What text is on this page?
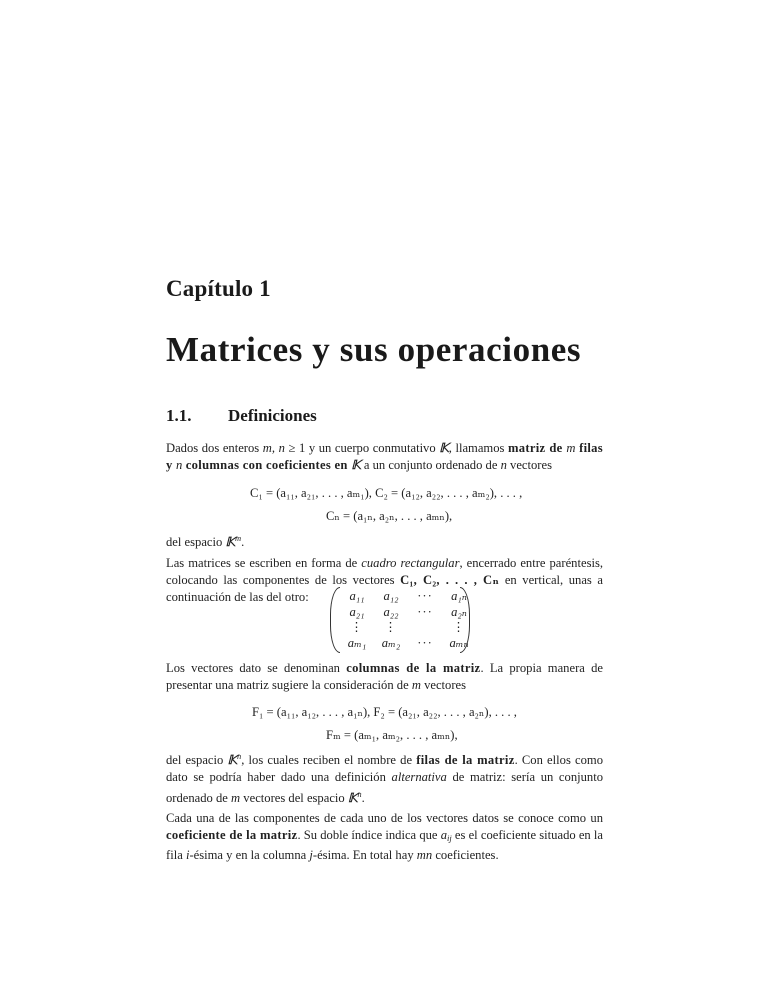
Capítulo 1
Matrices y sus operaciones
1.1. Definiciones

Dados dos enteros m, n ≥ 1 y un cuerpo conmutativo 𝕂, llamamos matriz de m filas y n columnas con coeficientes en 𝕂 a un conjunto ordenado de n vectores

C₁ = (a₁₁, a₂₁, . . . , aₘ₁), C₂ = (a₁₂, a₂₂, . . . , aₘ₂), . . . ,
Cₙ = (a₁ₙ, a₂ₙ, . . . , aₘₙ),

del espacio 𝕂$^m$.

Las matrices se escriben en forma de cuadro rectangular, encerrado entre paréntesis, colocando las componentes de los vectores C₁, C₂, . . . , Cₙ en vertical, unas a continuación de las del otro:	a₁₁	a₁₂	···	a₁ₙ
a₂₁	a₂₂	···	a₂ₙ
⋮	⋮		⋮
aₘ₁	aₘ₂	···	aₘₙ

Los vectores dato se denominan columnas de la matriz. La propia manera de presentar una matriz sugiere la consideración de m vectores

F₁ = (a₁₁, a₁₂, . . . , a₁ₙ), F₂ = (a₂₁, a₂₂, . . . , a₂ₙ), . . . ,
Fₘ = (aₘ₁, aₘ₂, . . . , aₘₙ),

del espacio 𝕂$^n$, los cuales reciben el nombre de filas de la matriz. Con ellos como dato se podría haber dado una definición alternativa de matriz: sería un conjunto ordenado de m vectores del espacio 𝕂$^n$.

Cada una de las componentes de cada uno de los vectores datos se conoce como un coeficiente de la matriz. Su doble índice indica que $a_{ij}$ es el coeficiente situado en la fila i-ésima y en la columna j-ésima. En total hay mn coeficientes.
